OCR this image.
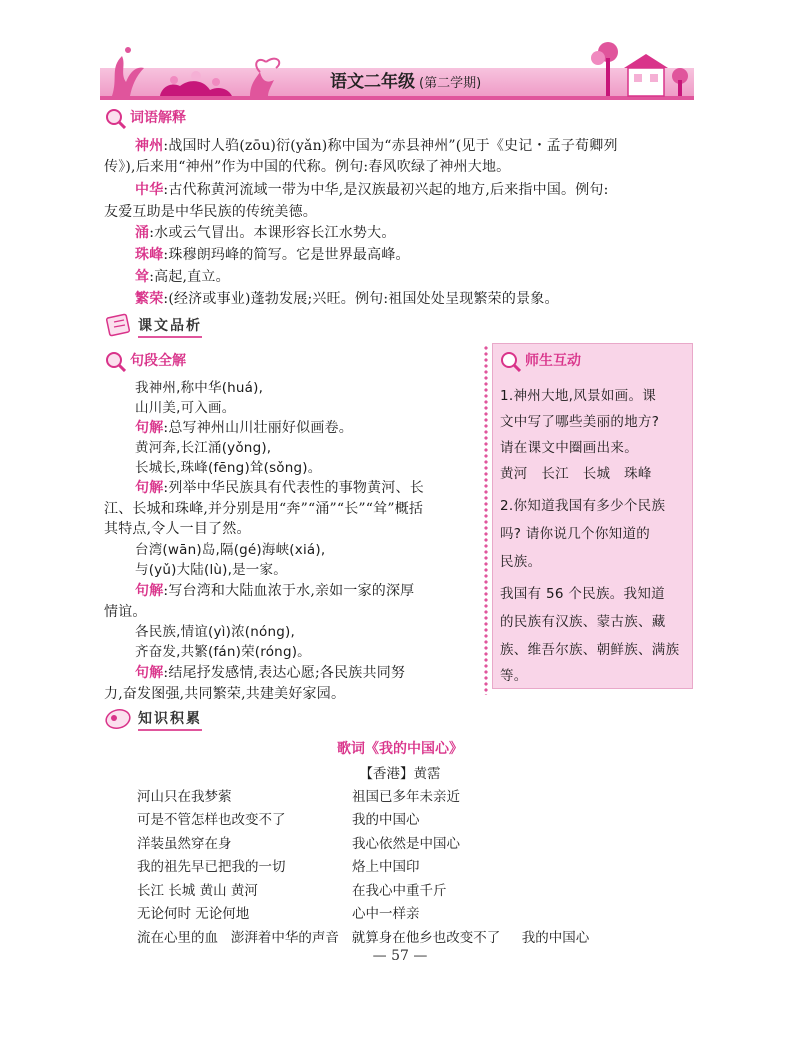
语文二年级 (第二学期)
词语解释
神州:战国时人驺(zōu)衍(yǎn)称中国为“赤县神州”(见于《史记・孟子荀卿列
传》),后来用“神州”作为中国的代称。例句:春风吹绿了神州大地。
中华:古代称黄河流域一带为中华,是汉族最初兴起的地方,后来指中国。例句:
友爱互助是中华民族的传统美德。
涌:水或云气冒出。本课形容长江水势大。
珠峰:珠穆朗玛峰的简写。它是世界最高峰。
耸:高起,直立。
繁荣:(经济或事业)蓬勃发展;兴旺。例句:祖国处处呈现繁荣的景象。
课文品析
句段全解
我神州,称中华(huá),
山川美,可入画。
句解:总写神州山川壮丽好似画卷。
黄河奔,长江涌(yǒng),
长城长,珠峰(fēng)耸(sǒng)。
句解:列举中华民族具有代表性的事物黄河、长
江、长城和珠峰,并分别是用“奔”“涌”“长”“耸”概括
其特点,令人一目了然。
台湾(wān)岛,隔(gé)海峡(xiá),
与(yǔ)大陆(lù),是一家。
句解:写台湾和大陆血浓于水,亲如一家的深厚
情谊。
各民族,情谊(yì)浓(nóng),
齐奋发,共繁(fán)荣(róng)。
句解:结尾抒发感情,表达心愿;各民族共同努
力,奋发图强,共同繁荣,共建美好家园。
师生互动
1.神州大地,风景如画。课
文中写了哪些美丽的地方?
请在课文中圈画出来。
黄河   长江   长城   珠峰
2.你知道我国有多少个民族
吗? 请你说几个你知道的
民族。
我国有 56 个民族。我知道
的民族有汉族、蒙古族、藏
族、维吾尔族、朝鲜族、满族
等。
知识积累
歌词《我的中国心》
【香港】黄霑
河山只在我梦萦
可是不管怎样也改变不了
洋装虽然穿在身
我的祖先早已把我的一切
长江 长城 黄山 黄河
无论何时 无论何地
祖国已多年未亲近
我的中国心
我心依然是中国心
烙上中国印
在我心中重千斤
心中一样亲
流在心里的血   澎湃着中华的声音   就算身在他乡也改变不了     我的中国心
— 57 —
